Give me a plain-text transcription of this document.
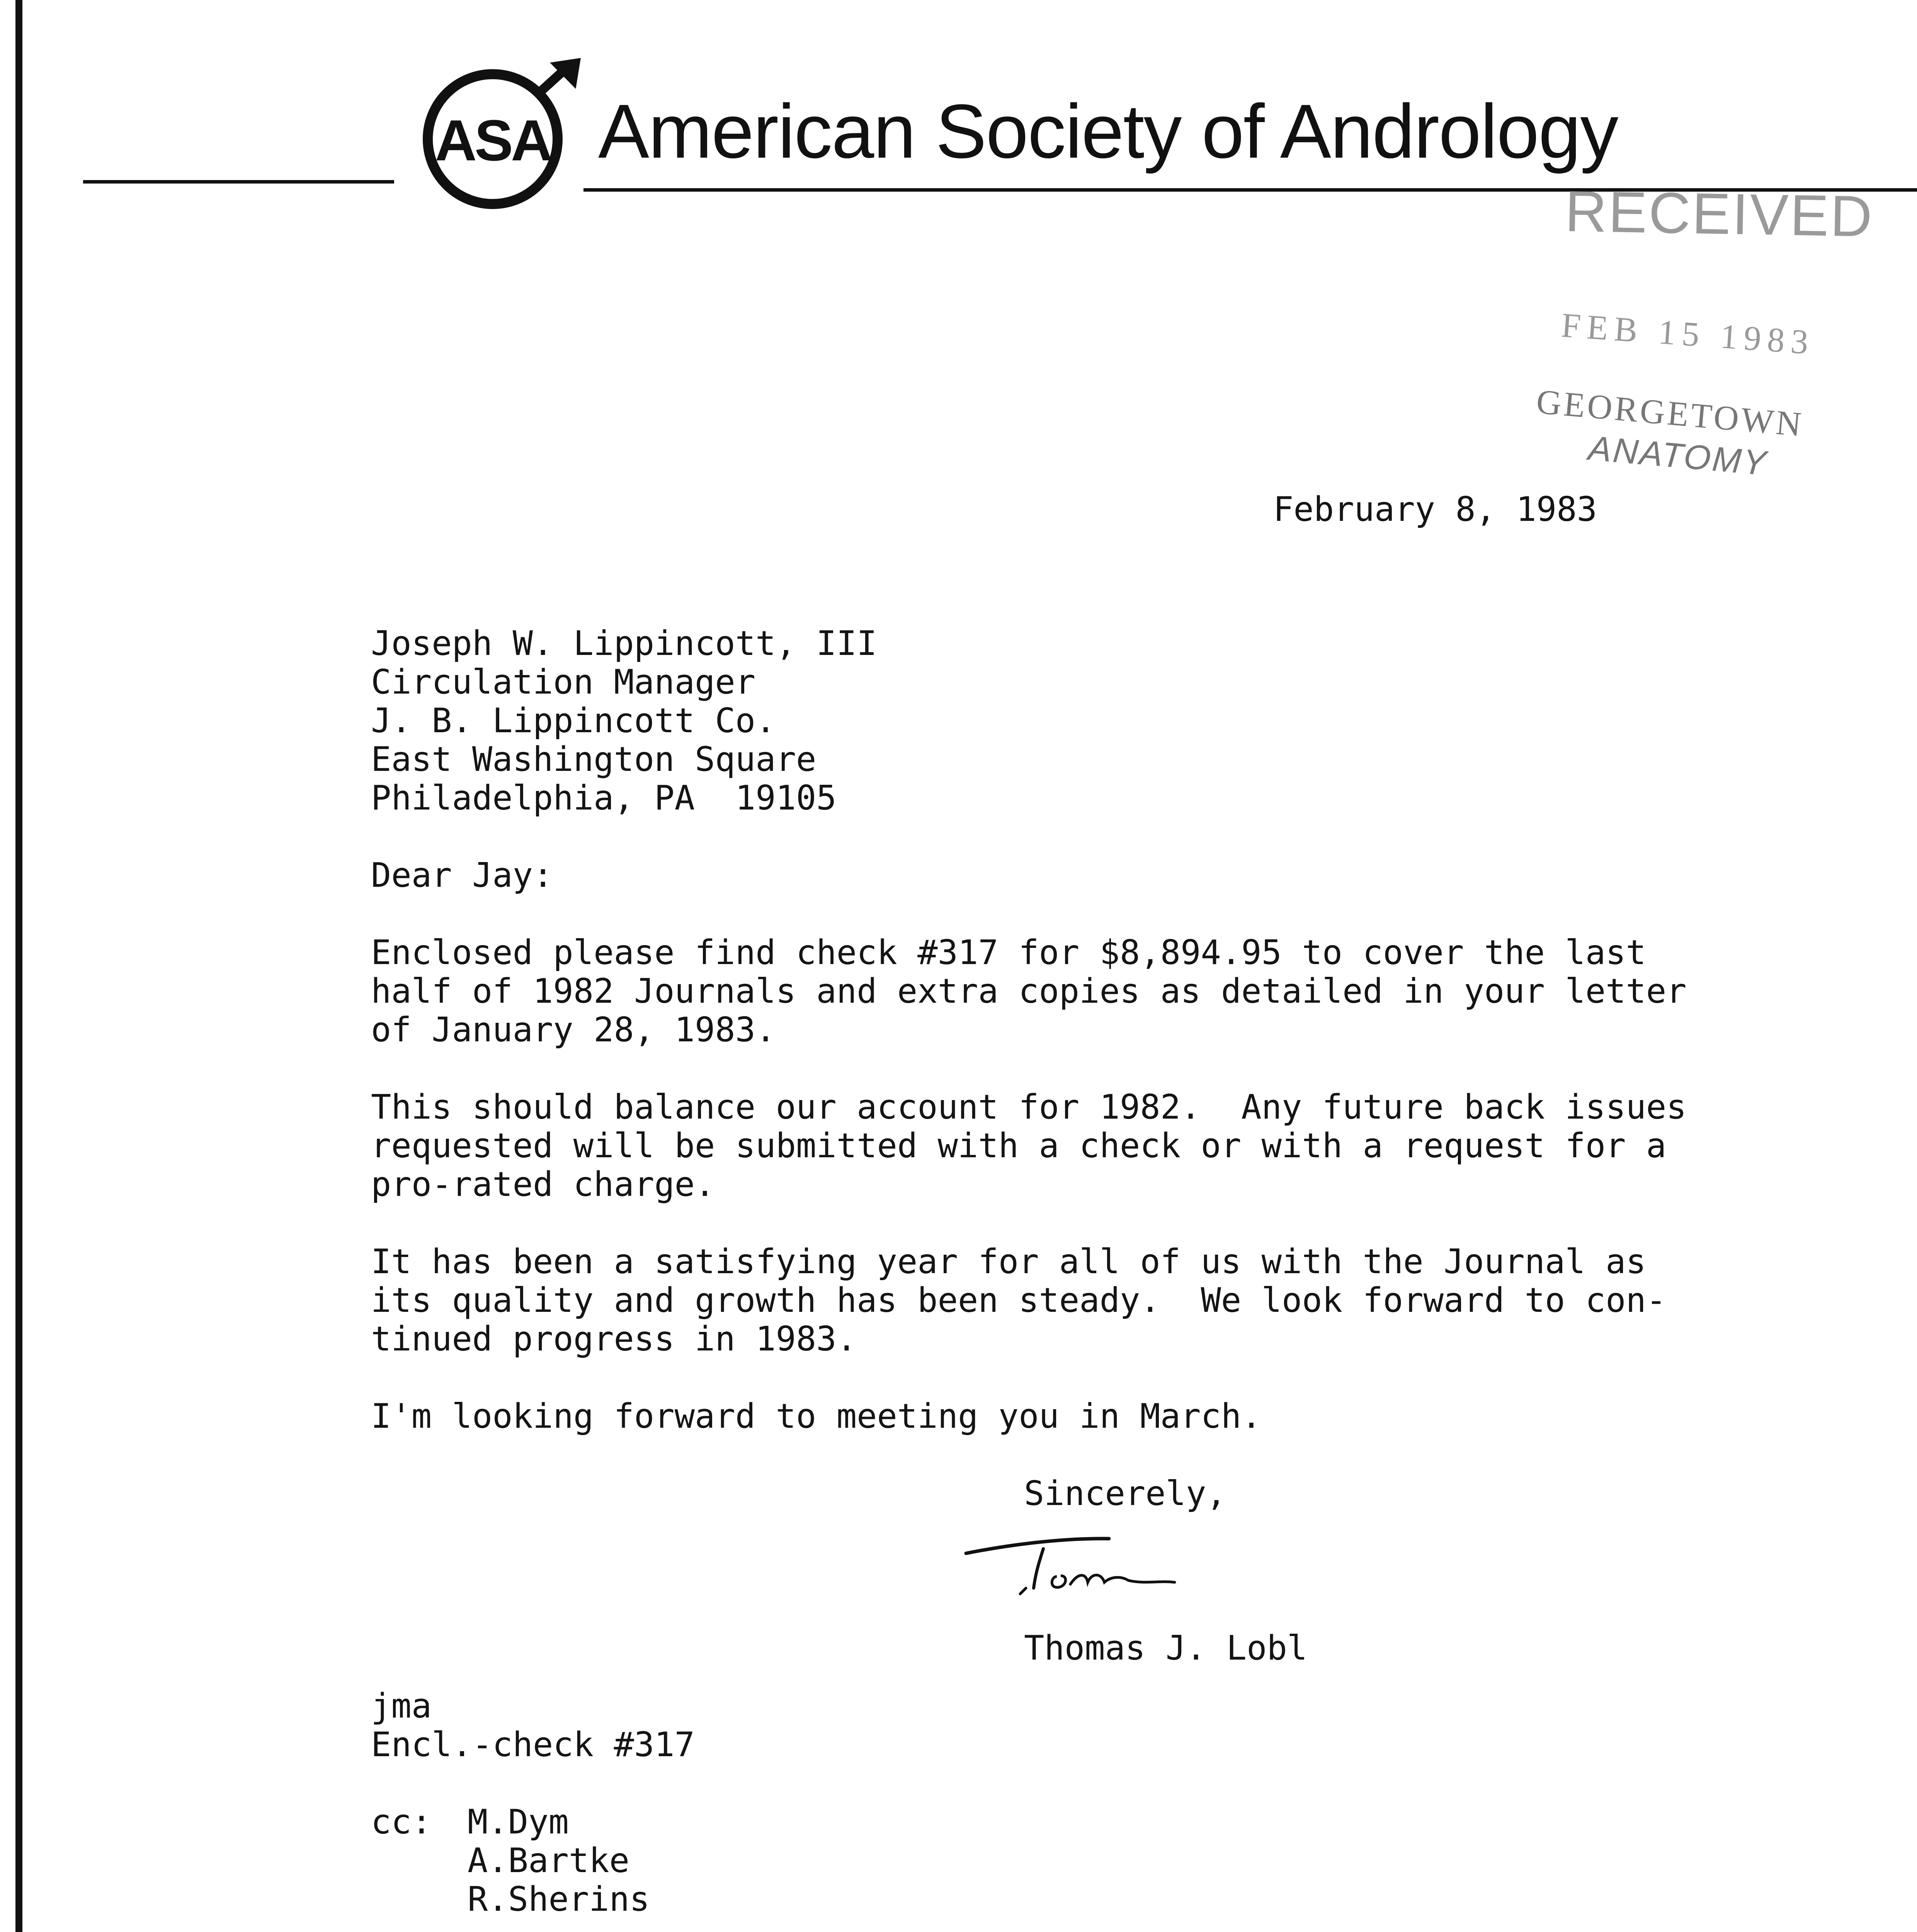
ASA American Society of Andrology
RECEIVED
FEB 15 1983
GEORGETOWN
ANATOMY
February 8, 1983
Joseph W. Lippincott, III
Circulation Manager
J. B. Lippincott Co.
East Washington Square
Philadelphia, PA  19105
Dear Jay:
Enclosed please find check #317 for $8,894.95 to cover the last
half of 1982 Journals and extra copies as detailed in your letter
of January 28, 1983.
This should balance our account for 1982.  Any future back issues
requested will be submitted with a check or with a request for a
pro-rated charge.
It has been a satisfying year for all of us with the Journal as
its quality and growth has been steady.  We look forward to con-
tinued progress in 1983.
I'm looking forward to meeting you in March.
Sincerely,
Thomas J. Lobl
jma
Encl.-check #317
cc: M.Dym
A.Bartke
R.Sherins
